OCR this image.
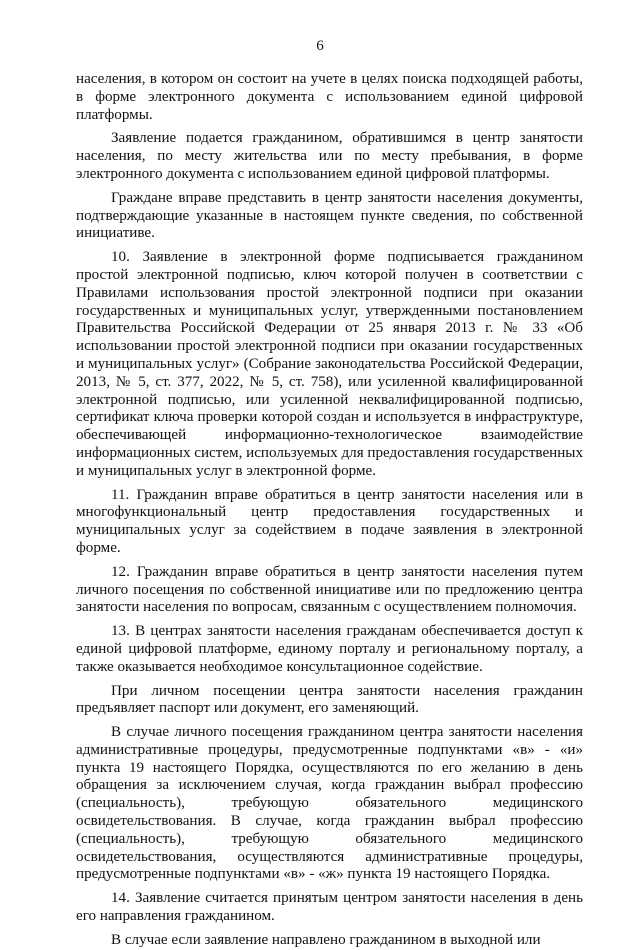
6

населения, в котором он состоит на учете в целях поиска подходящей работы, в форме электронного документа с использованием единой цифровой платформы.

Заявление подается гражданином, обратившимся в центр занятости населения, по месту жительства или по месту пребывания, в форме электронного документа с использованием единой цифровой платформы.

Граждане вправе представить в центр занятости населения документы, подтверждающие указанные в настоящем пункте сведения, по собственной инициативе.

10. Заявление в электронной форме подписывается гражданином простой электронной подписью, ключ которой получен в соответствии с Правилами использования простой электронной подписи при оказании государственных и муниципальных услуг, утвержденными постановлением Правительства Российской Федерации от 25 января 2013 г. № 33 «Об использовании простой электронной подписи при оказании государственных и муниципальных услуг» (Собрание законодательства Российской Федерации, 2013, № 5, ст. 377, 2022, № 5, ст. 758), или усиленной квалифицированной электронной подписью, или усиленной неквалифицированной подписью, сертификат ключа проверки которой создан и используется в инфраструктуре, обеспечивающей информационно-технологическое взаимодействие информационных систем, используемых для предоставления государственных и муниципальных услуг в электронной форме.

11. Гражданин вправе обратиться в центр занятости населения или в многофункциональный центр предоставления государственных и муниципальных услуг за содействием в подаче заявления в электронной форме.

12. Гражданин вправе обратиться в центр занятости населения путем личного посещения по собственной инициативе или по предложению центра занятости населения по вопросам, связанным с осуществлением полномочия.

13. В центрах занятости населения гражданам обеспечивается доступ к единой цифровой платформе, единому порталу и региональному порталу, а также оказывается необходимое консультационное содействие.

При личном посещении центра занятости населения гражданин предъявляет паспорт или документ, его заменяющий.

В случае личного посещения гражданином центра занятости населения административные процедуры, предусмотренные подпунктами «в» - «и» пункта 19 настоящего Порядка, осуществляются по его желанию в день обращения за исключением случая, когда гражданин выбрал профессию (специальность), требующую обязательного медицинского освидетельствования. В случае, когда гражданин выбрал профессию (специальность), требующую обязательного медицинского освидетельствования, осуществляются административные процедуры, предусмотренные подпунктами «в» - «ж» пункта 19 настоящего Порядка.

14. Заявление считается принятым центром занятости населения в день его направления гражданином.

В случае если заявление направлено гражданином в выходной или
